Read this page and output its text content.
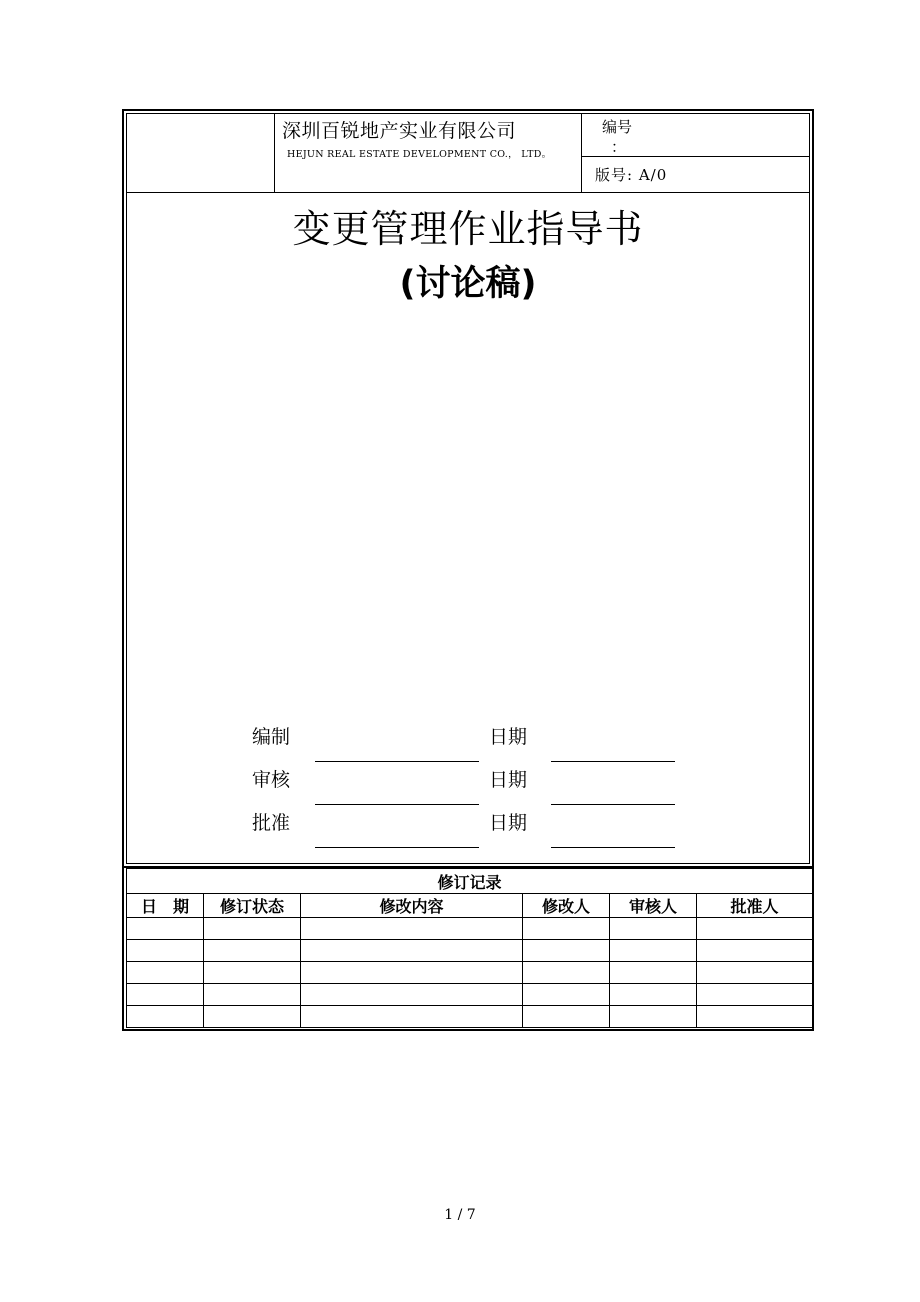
深圳百锐地产实业有限公司
HEJUN REAL ESTATE DEVELOPMENT CO.， LTD。
编号
：
版号: A/0
变更管理作业指导书
(讨论稿)
编制	日期
审核	日期
批准	日期
修订记录					
日　期	修订状态	修改内容	修改人	审核人	批准人

1 / 7
